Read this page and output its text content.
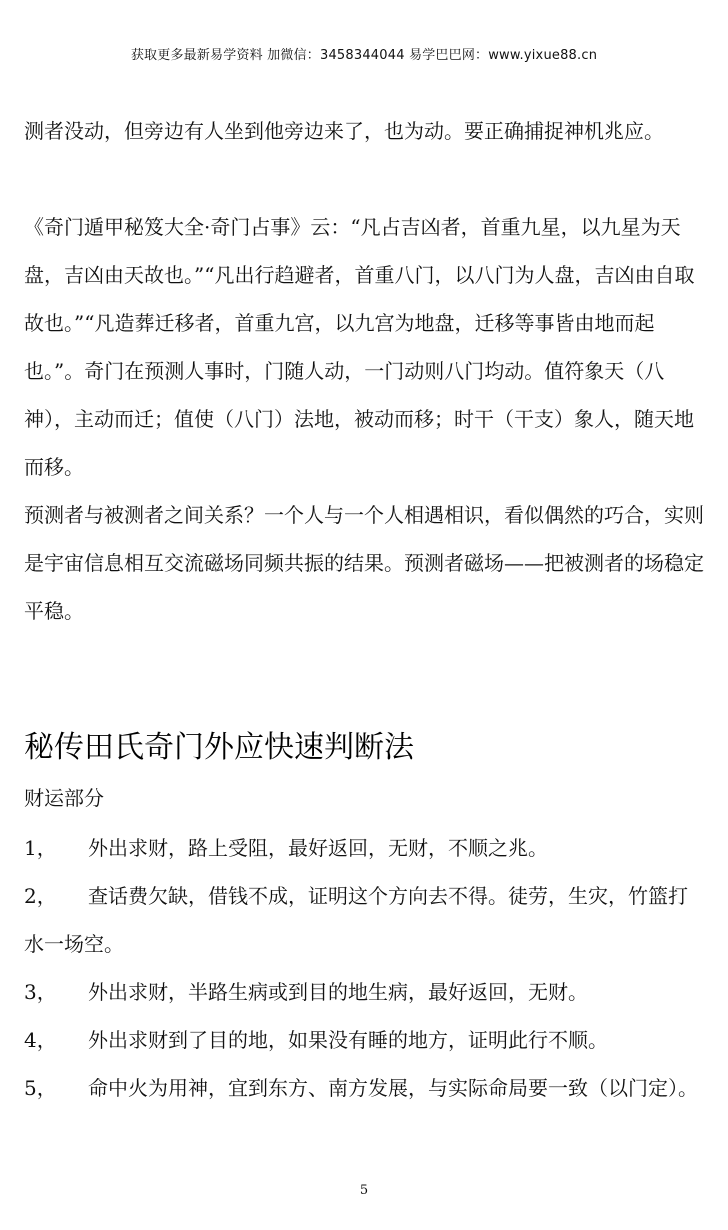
获取更多最新易学资料 加微信：3458344044 易学巴巴网：www.yixue88.cn

测者没动，但旁边有人坐到他旁边来了，也为动。要正确捕捉神机兆应。

《奇门遁甲秘笈大全·奇门占事》云：“凡占吉凶者，首重九星，以九星为天盘，吉凶由天故也。”“凡出行趋避者，首重八门，以八门为人盘，吉凶由自取故也。”“凡造葬迁移者，首重九宫，以九宫为地盘，迁移等事皆由地而起也。”。奇门在预测人事时，门随人动，一门动则八门均动。值符象天（八神），主动而迁；值使（八门）法地，被动而移；时干（干支）象人，随天地而移。

预测者与被测者之间关系？一个人与一个人相遇相识，看似偶然的巧合，实则是宇宙信息相互交流磁场同频共振的结果。预测者磁场——把被测者的场稳定平稳。

秘传田氏奇门外应快速判断法
财运部分

1， 外出求财，路上受阻，最好返回，无财，不顺之兆。

2， 查话费欠缺，借钱不成，证明这个方向去不得。徒劳，生灾，竹篮打水一场空。

3， 外出求财，半路生病或到目的地生病，最好返回，无财。

4， 外出求财到了目的地，如果没有睡的地方，证明此行不顺。

5， 命中火为用神，宜到东方、南方发展，与实际命局要一致（以门定）。

5
